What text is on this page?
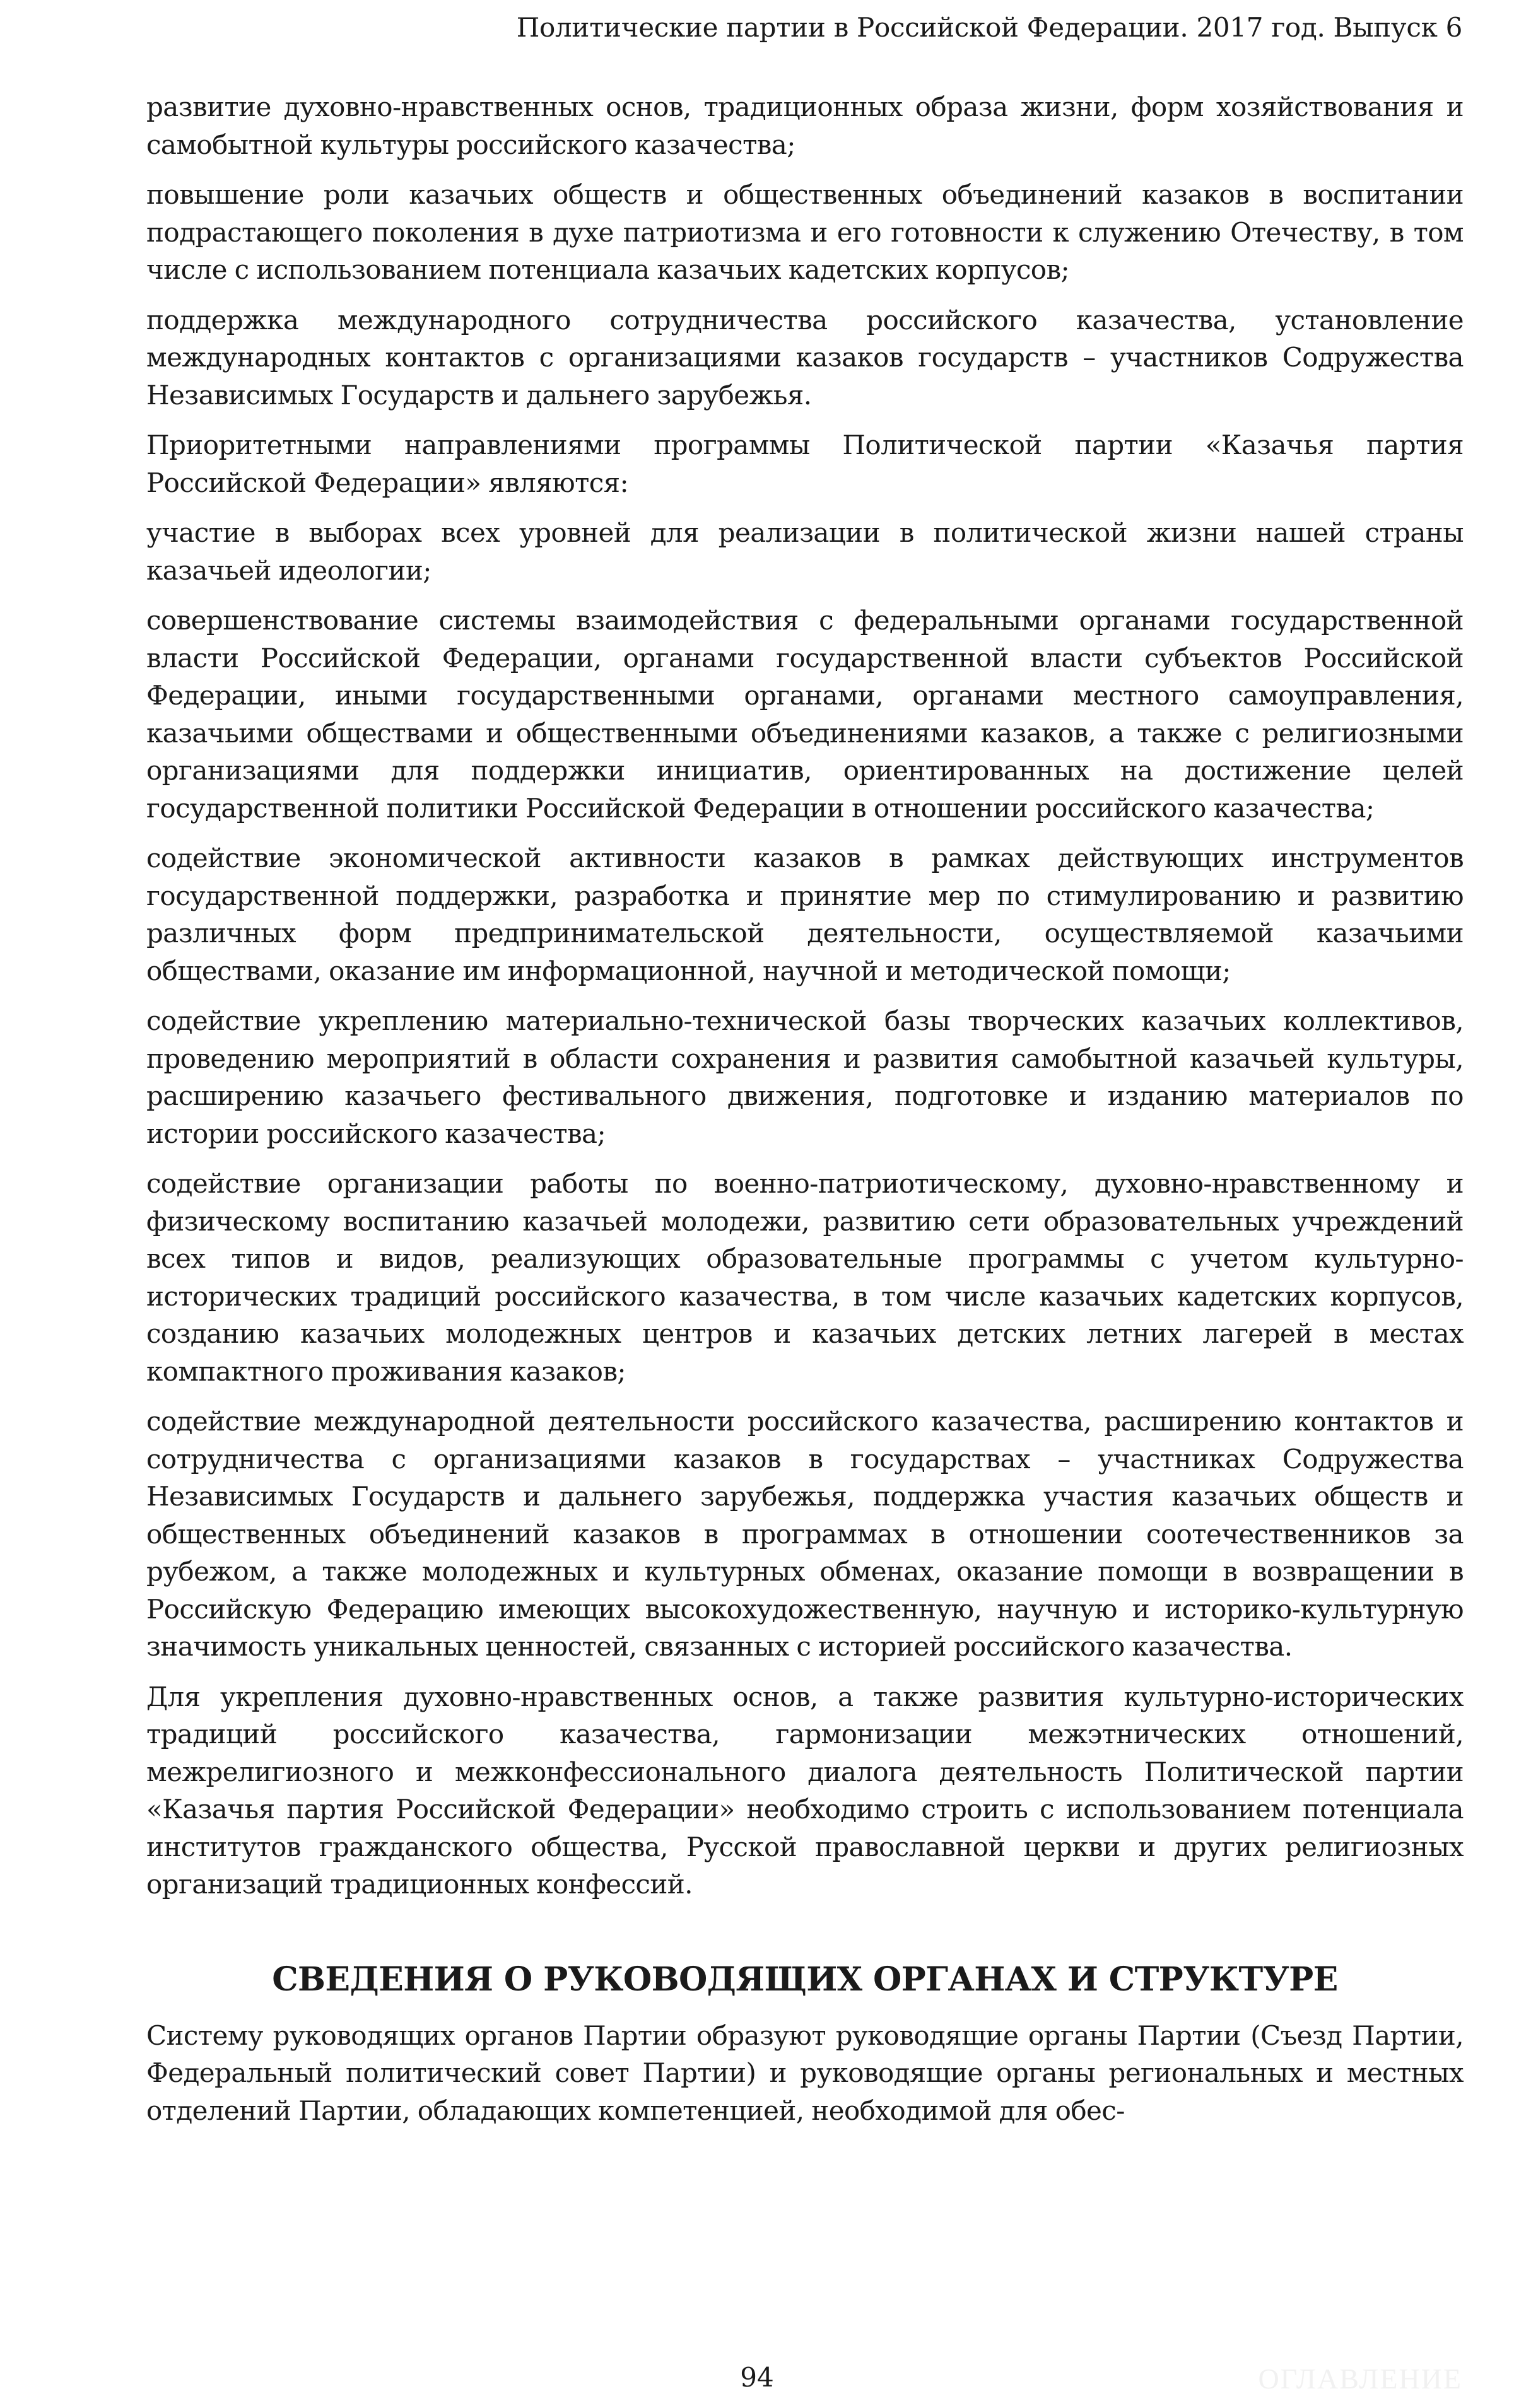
Политические партии в Российской Федерации. 2017 год. Выпуск 6

развитие духовно-нравственных основ, традиционных образа жизни, форм хозяйствования и самобытной культуры российского казачества;

повышение роли казачьих обществ и общественных объединений казаков в воспитании подрастающего поколения в духе патриотизма и его готовности к служению Отечеству, в том числе с использованием потенциала казачьих кадетских корпусов;

поддержка международного сотрудничества российского казачества, установление международных контактов с организациями казаков государств – участников Содружества Независимых Государств и дальнего зарубежья.

Приоритетными направлениями программы Политической партии «Казачья партия Российской Федерации» являются:

участие в выборах всех уровней для реализации в политической жизни нашей страны казачьей идеологии;

совершенствование системы взаимодействия с федеральными органами государственной власти Российской Федерации, органами государственной власти субъектов Российской Федерации, иными государственными органами, органами местного самоуправления, казачьими обществами и общественными объединениями казаков, а также с религиозными организациями для поддержки инициатив, ориентированных на достижение целей государственной политики Российской Федерации в отношении российского казачества;

содействие экономической активности казаков в рамках действующих инструментов государственной поддержки, разработка и принятие мер по стимулированию и развитию различных форм предпринимательской деятельности, осуществляемой казачьими обществами, оказание им информационной, научной и методической помощи;

содействие укреплению материально-технической базы творческих казачьих коллективов, проведению мероприятий в области сохранения и развития самобытной казачьей культуры, расширению казачьего фестивального движения, подготовке и изданию материалов по истории российского казачества;

содействие организации работы по военно-патриотическому, духовно-нравственному и физическому воспитанию казачьей молодежи, развитию сети образовательных учреждений всех типов и видов, реализующих образовательные программы с учетом культурно-исторических традиций российского казачества, в том числе казачьих кадетских корпусов, созданию казачьих молодежных центров и казачьих детских летних лагерей в местах компактного проживания казаков;

содействие международной деятельности российского казачества, расширению контактов и сотрудничества с организациями казаков в государствах – участниках Содружества Независимых Государств и дальнего зарубежья, поддержка участия казачьих обществ и общественных объединений казаков в программах в отношении соотечественников за рубежом, а также молодежных и культурных обменах, оказание помощи в возвращении в Российскую Федерацию имеющих высокохудожественную, научную и историко-культурную значимость уникальных ценностей, связанных с историей российского казачества.

Для укрепления духовно-нравственных основ, а также развития культурно-исторических традиций российского казачества, гармонизации межэтнических отношений, межрелигиозного и межконфессионального диалога деятельность Политической партии «Казачья партия Российской Федерации» необходимо строить с использованием потенциала институтов гражданского общества, Русской православной церкви и других религиозных организаций традиционных конфессий.

СВЕДЕНИЯ О РУКОВОДЯЩИХ ОРГАНАХ И СТРУКТУРЕ

Систему руководящих органов Партии образуют руководящие органы Партии (Съезд Партии, Федеральный политический совет Партии) и руководящие органы региональных и местных отделений Партии, обладающих компетенцией, необходимой для обес-

94	ОГЛАВЛЕНИЕ
